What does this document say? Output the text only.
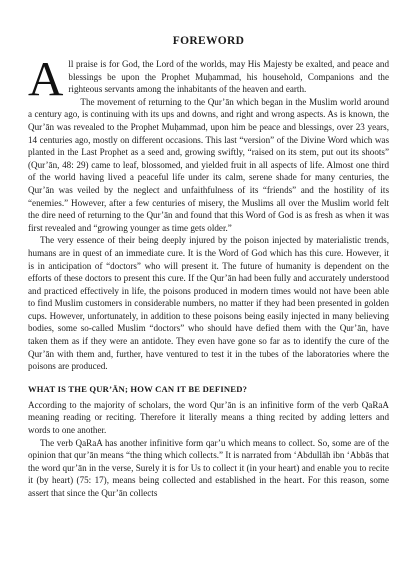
FOREWORD

All praise is for God, the Lord of the worlds, may His Majesty be exalted, and peace and blessings be upon the Prophet Muḥammad, his household, Companions and the righteous servants among the inhabitants of the heaven and earth.

The movement of returning to the Qur’ān which began in the Muslim world around a century ago, is continuing with its ups and downs, and right and wrong aspects. As is known, the Qur’ān was revealed to the Prophet Muḥammad, upon him be peace and blessings, over 23 years, 14 centuries ago, mostly on different occasions. This last “version” of the Divine Word which was planted in the Last Prophet as a seed and, growing swiftly, “raised on its stem, put out its shoots” (Qur’ān, 48: 29) came to leaf, blossomed, and yielded fruit in all aspects of life. Almost one third of the world having lived a peaceful life under its calm, serene shade for many centuries, the Qur’ān was veiled by the neglect and unfaithfulness of its “friends” and the hostility of its “enemies.” However, after a few centuries of misery, the Muslims all over the Muslim world felt the dire need of returning to the Qur’ān and found that this Word of God is as fresh as when it was first revealed and “growing younger as time gets older.”

The very essence of their being deeply injured by the poison injected by materialistic trends, humans are in quest of an immediate cure. It is the Word of God which has this cure. However, it is in anticipation of “doctors” who will present it. The future of humanity is dependent on the efforts of these doctors to present this cure. If the Qur’ān had been fully and accurately understood and practiced effectively in life, the poisons produced in modern times would not have been able to find Muslim customers in considerable numbers, no matter if they had been presented in golden cups. However, unfortunately, in addition to these poisons being easily injected in many believing bodies, some so-called Muslim “doctors” who should have defied them with the Qur’ān, have taken them as if they were an antidote. They even have gone so far as to identify the cure of the Qur’ān with them and, further, have ventured to test it in the tubes of the laboratories where the poisons are produced.

WHAT IS THE QUR’ĀN; HOW CAN IT BE DEFINED?

According to the majority of scholars, the word Qur’ān is an infinitive form of the verb QaRaA meaning reading or reciting. Therefore it literally means a thing recited by adding letters and words to one another.

The verb QaRaA has another infinitive form qar’u which means to collect. So, some are of the opinion that qur’ān means “the thing which collects.” It is narrated from ‘Abdullāh ibn ‘Abbās that the word qur’ān in the verse, Surely it is for Us to collect it (in your heart) and enable you to recite it (by heart) (75: 17), means being collected and established in the heart. For this reason, some assert that since the Qur’ān collects
